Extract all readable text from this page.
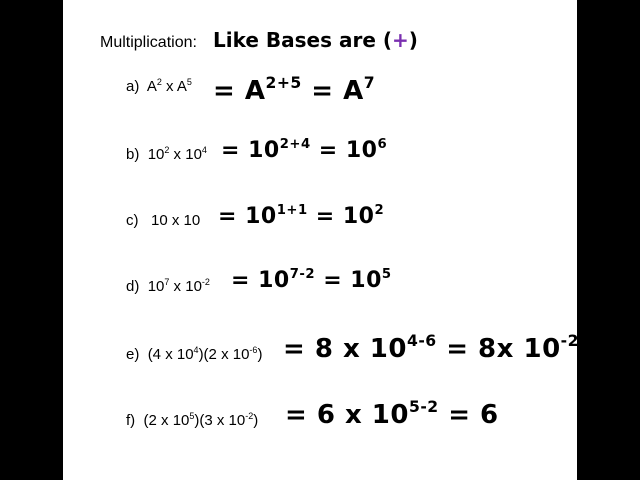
Multiplication: Like Bases are (+)
a) $A^2$ x $A^5 = A^{2+5} = A^7$
b) $10^2$ x $10^4 = 10^{2+4} = 10^6$
c) 10 x $10 = 10^{1+1} = 10^2$
d) $10^7$ x $10^{-2} = 10^{7-2} = 10^5$
e) (4 x $10^4)(2$ x $10^{-6}) = 8$ x $10^{4-6} = 8x$ $10^{-2}$
f) (2 x $10^5)(3$ x $10^{-2}) = 6$ x $10^{5-2} = 6$
